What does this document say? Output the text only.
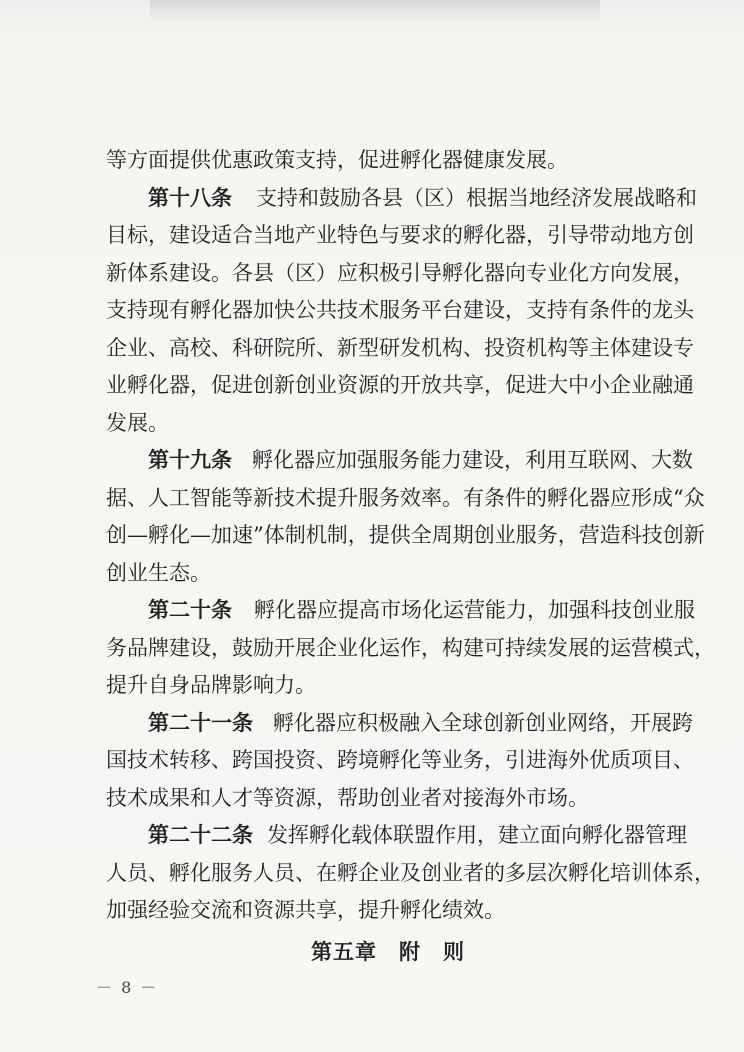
等方面提供优惠政策支持，促进孵化器健康发展。
第十八条 支持和鼓励各县（区）根据当地经济发展战略和
目标，建设适合当地产业特色与要求的孵化器，引导带动地方创
新体系建设。各县（区）应积极引导孵化器向专业化方向发展，
支持现有孵化器加快公共技术服务平台建设，支持有条件的龙头
企业、高校、科研院所、新型研发机构、投资机构等主体建设专
业孵化器，促进创新创业资源的开放共享，促进大中小企业融通
发展。
第十九条 孵化器应加强服务能力建设，利用互联网、大数
据、人工智能等新技术提升服务效率。有条件的孵化器应形成“众
创—孵化—加速”体制机制，提供全周期创业服务，营造科技创新
创业生态。
第二十条 孵化器应提高市场化运营能力，加强科技创业服
务品牌建设，鼓励开展企业化运作，构建可持续发展的运营模式，
提升自身品牌影响力。
第二十一条 孵化器应积极融入全球创新创业网络，开展跨
国技术转移、跨国投资、跨境孵化等业务，引进海外优质项目、
技术成果和人才等资源，帮助创业者对接海外市场。
第二十二条 发挥孵化载体联盟作用，建立面向孵化器管理
第五章　附　则
－ 8 －
人员、孵化服务人员、在孵企业及创业者的多层次孵化培训体系，
加强经验交流和资源共享，提升孵化绩效。
